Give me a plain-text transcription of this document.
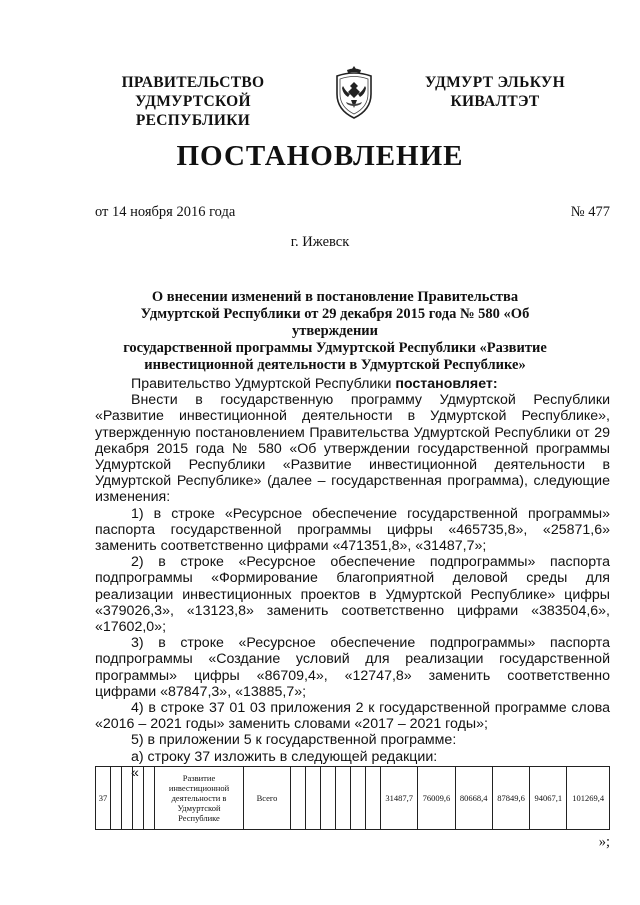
ПРАВИТЕЛЬСТВО
УДМУРТСКОЙ РЕСПУБЛИКИ
УДМУРТ ЭЛЬКУН
КИВАЛТЭТ
ПОСТАНОВЛЕНИЕ
от 14 ноября 2016 года	№ 477
г. Ижевск
О внесении изменений в постановление Правительства
Удмуртской Республики от 29 декабря 2015 года № 580 «Об утверждении
государственной программы Удмуртской Республики «Развитие
инвестиционной деятельности в Удмуртской Республике»

Правительство Удмуртской Республики постановляет:

Внести в государственную программу Удмуртской Республики «Развитие инвестиционной деятельности в Удмуртской Республике», утвержденную постановлением Правительства Удмуртской Республики от 29 декабря 2015 года № 580 «Об утверждении государственной программы Удмуртской Республики «Развитие инвестиционной деятельности в Удмуртской Республике» (далее – государственная программа), следующие изменения:

1) в строке «Ресурсное обеспечение государственной программы» паспорта государственной программы цифры «465735,8», «25871,6» заменить соответственно цифрами «471351,8», «31487,7»;

2) в строке «Ресурсное обеспечение подпрограммы» паспорта подпрограммы «Формирование благоприятной деловой среды для реализации инвестиционных проектов в Удмуртской Республике» цифры «379026,3», «13123,8» заменить соответственно цифрами «383504,6», «17602,0»;

3) в строке «Ресурсное обеспечение подпрограммы» паспорта подпрограммы «Создание условий для реализации государственной программы» цифры «86709,4», «12747,8» заменить соответственно цифрами «87847,3», «13885,7»;

4) в строке 37 01 03 приложения 2 к государственной программе слова «2016 – 2021 годы» заменить словами «2017 – 2021 годы»;

5) в приложении 5 к государственной программе:

а) строку 37 изложить в следующей редакции:

«

37					Развитие инвестиционной деятельности в Удмуртской Республике	Всего							31487,7	76009,6	80668,4	87849,6	94067,1	101269,4
»;
